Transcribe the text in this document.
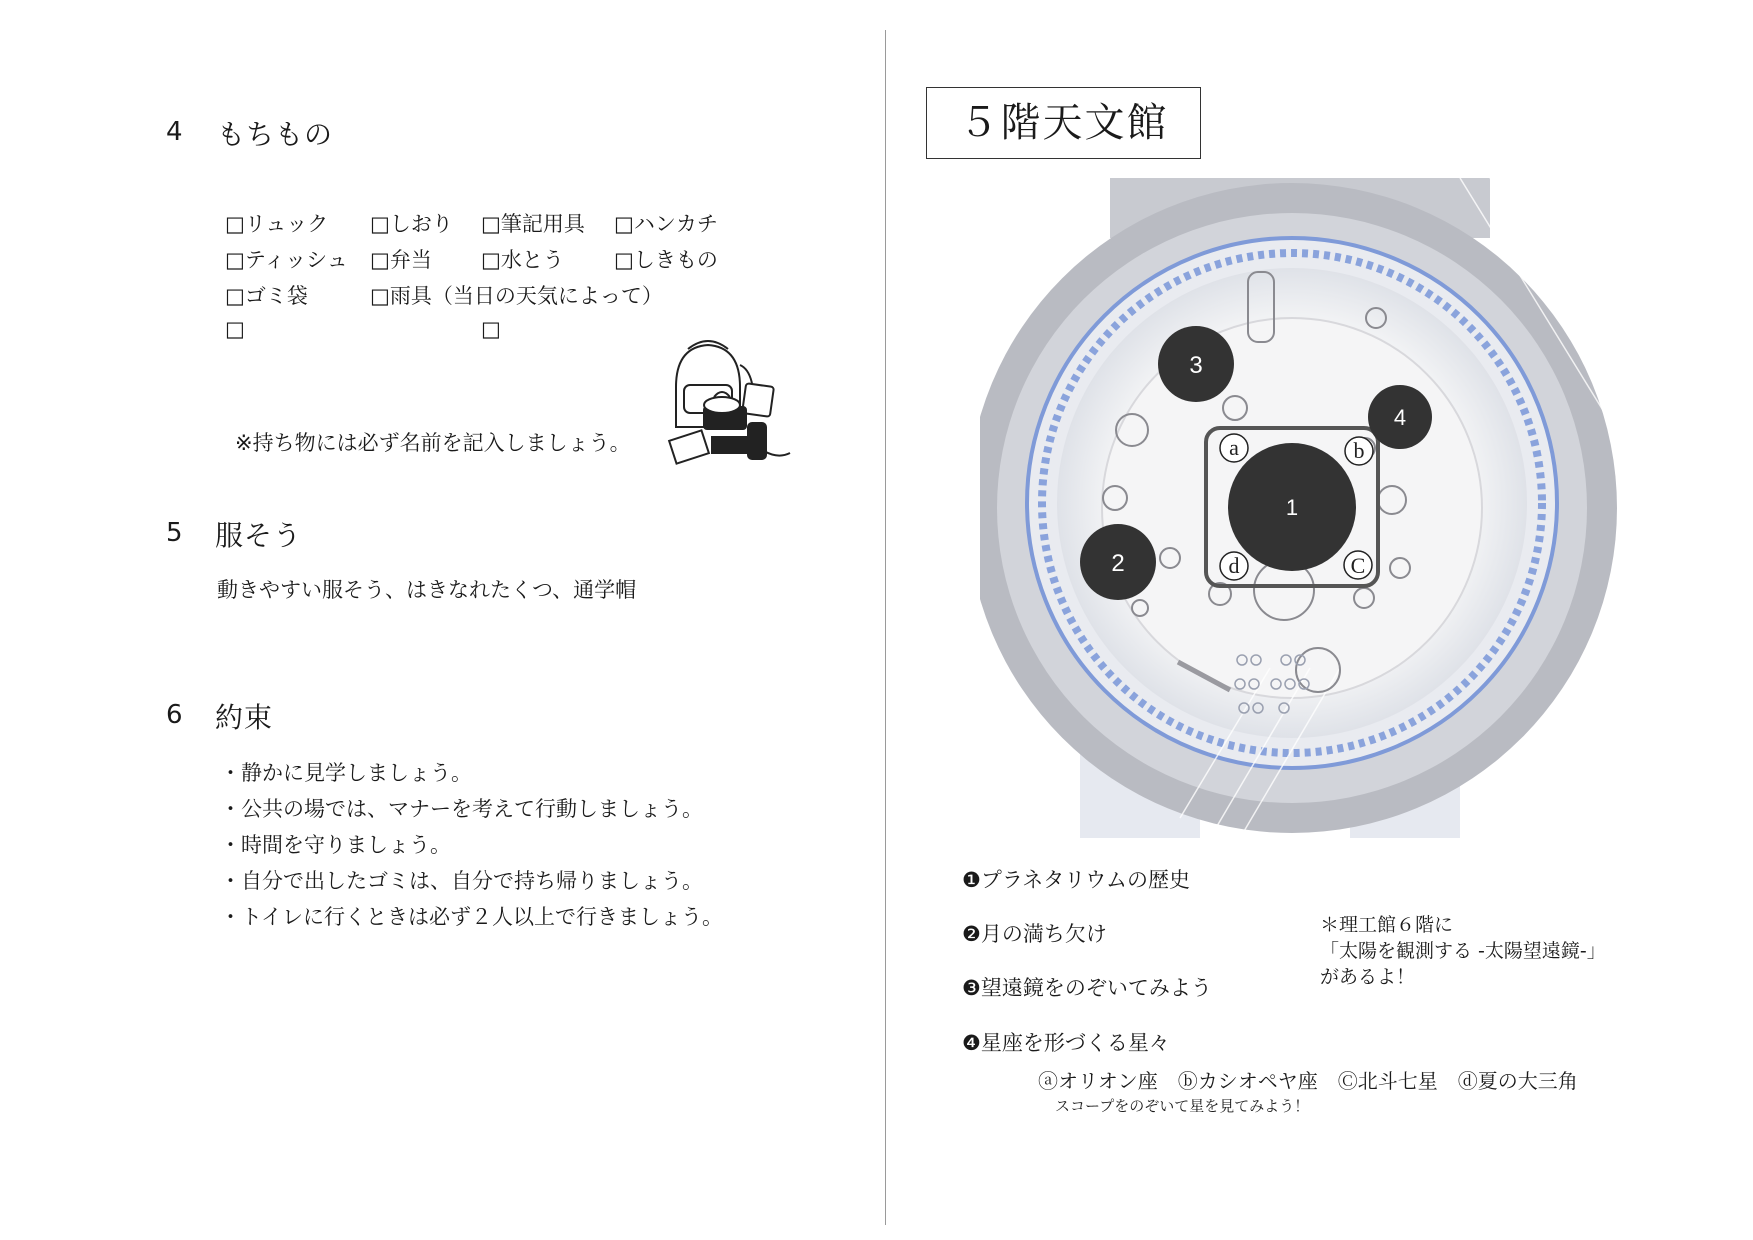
4 もちもの
□リュック □しおり □筆記用具 □ハンカチ
□ティッシュ □弁当 □水とう □しきもの
□ゴミ袋	□雨具（当日の天気によって）
□	□
※持ち物には必ず名前を記入しましょう。
5 服そう
動きやすい服そう、はきなれたくつ、通学帽
6 約束
・静かに見学しましょう。
・公共の場では、マナーを考えて行動しましょう。
・時間を守りましょう。
・自分で出したゴミは、自分で持ち帰りましょう。
・トイレに行くときは必ず２人以上で行きましょう。
５階天文館
1
2
3
4
a	b
C
d
❶プラネタリウムの歴史
❷月の満ち欠け
❸望遠鏡をのぞいてみよう
❹星座を形づくる星々
ⓐオリオン座　ⓑカシオペヤ座　Ⓒ北斗七星　ⓓ夏の大三角
スコープをのぞいて星を見てみよう！
＊理工館６階に
「太陽を観測する -太陽望遠鏡-」
があるよ！
